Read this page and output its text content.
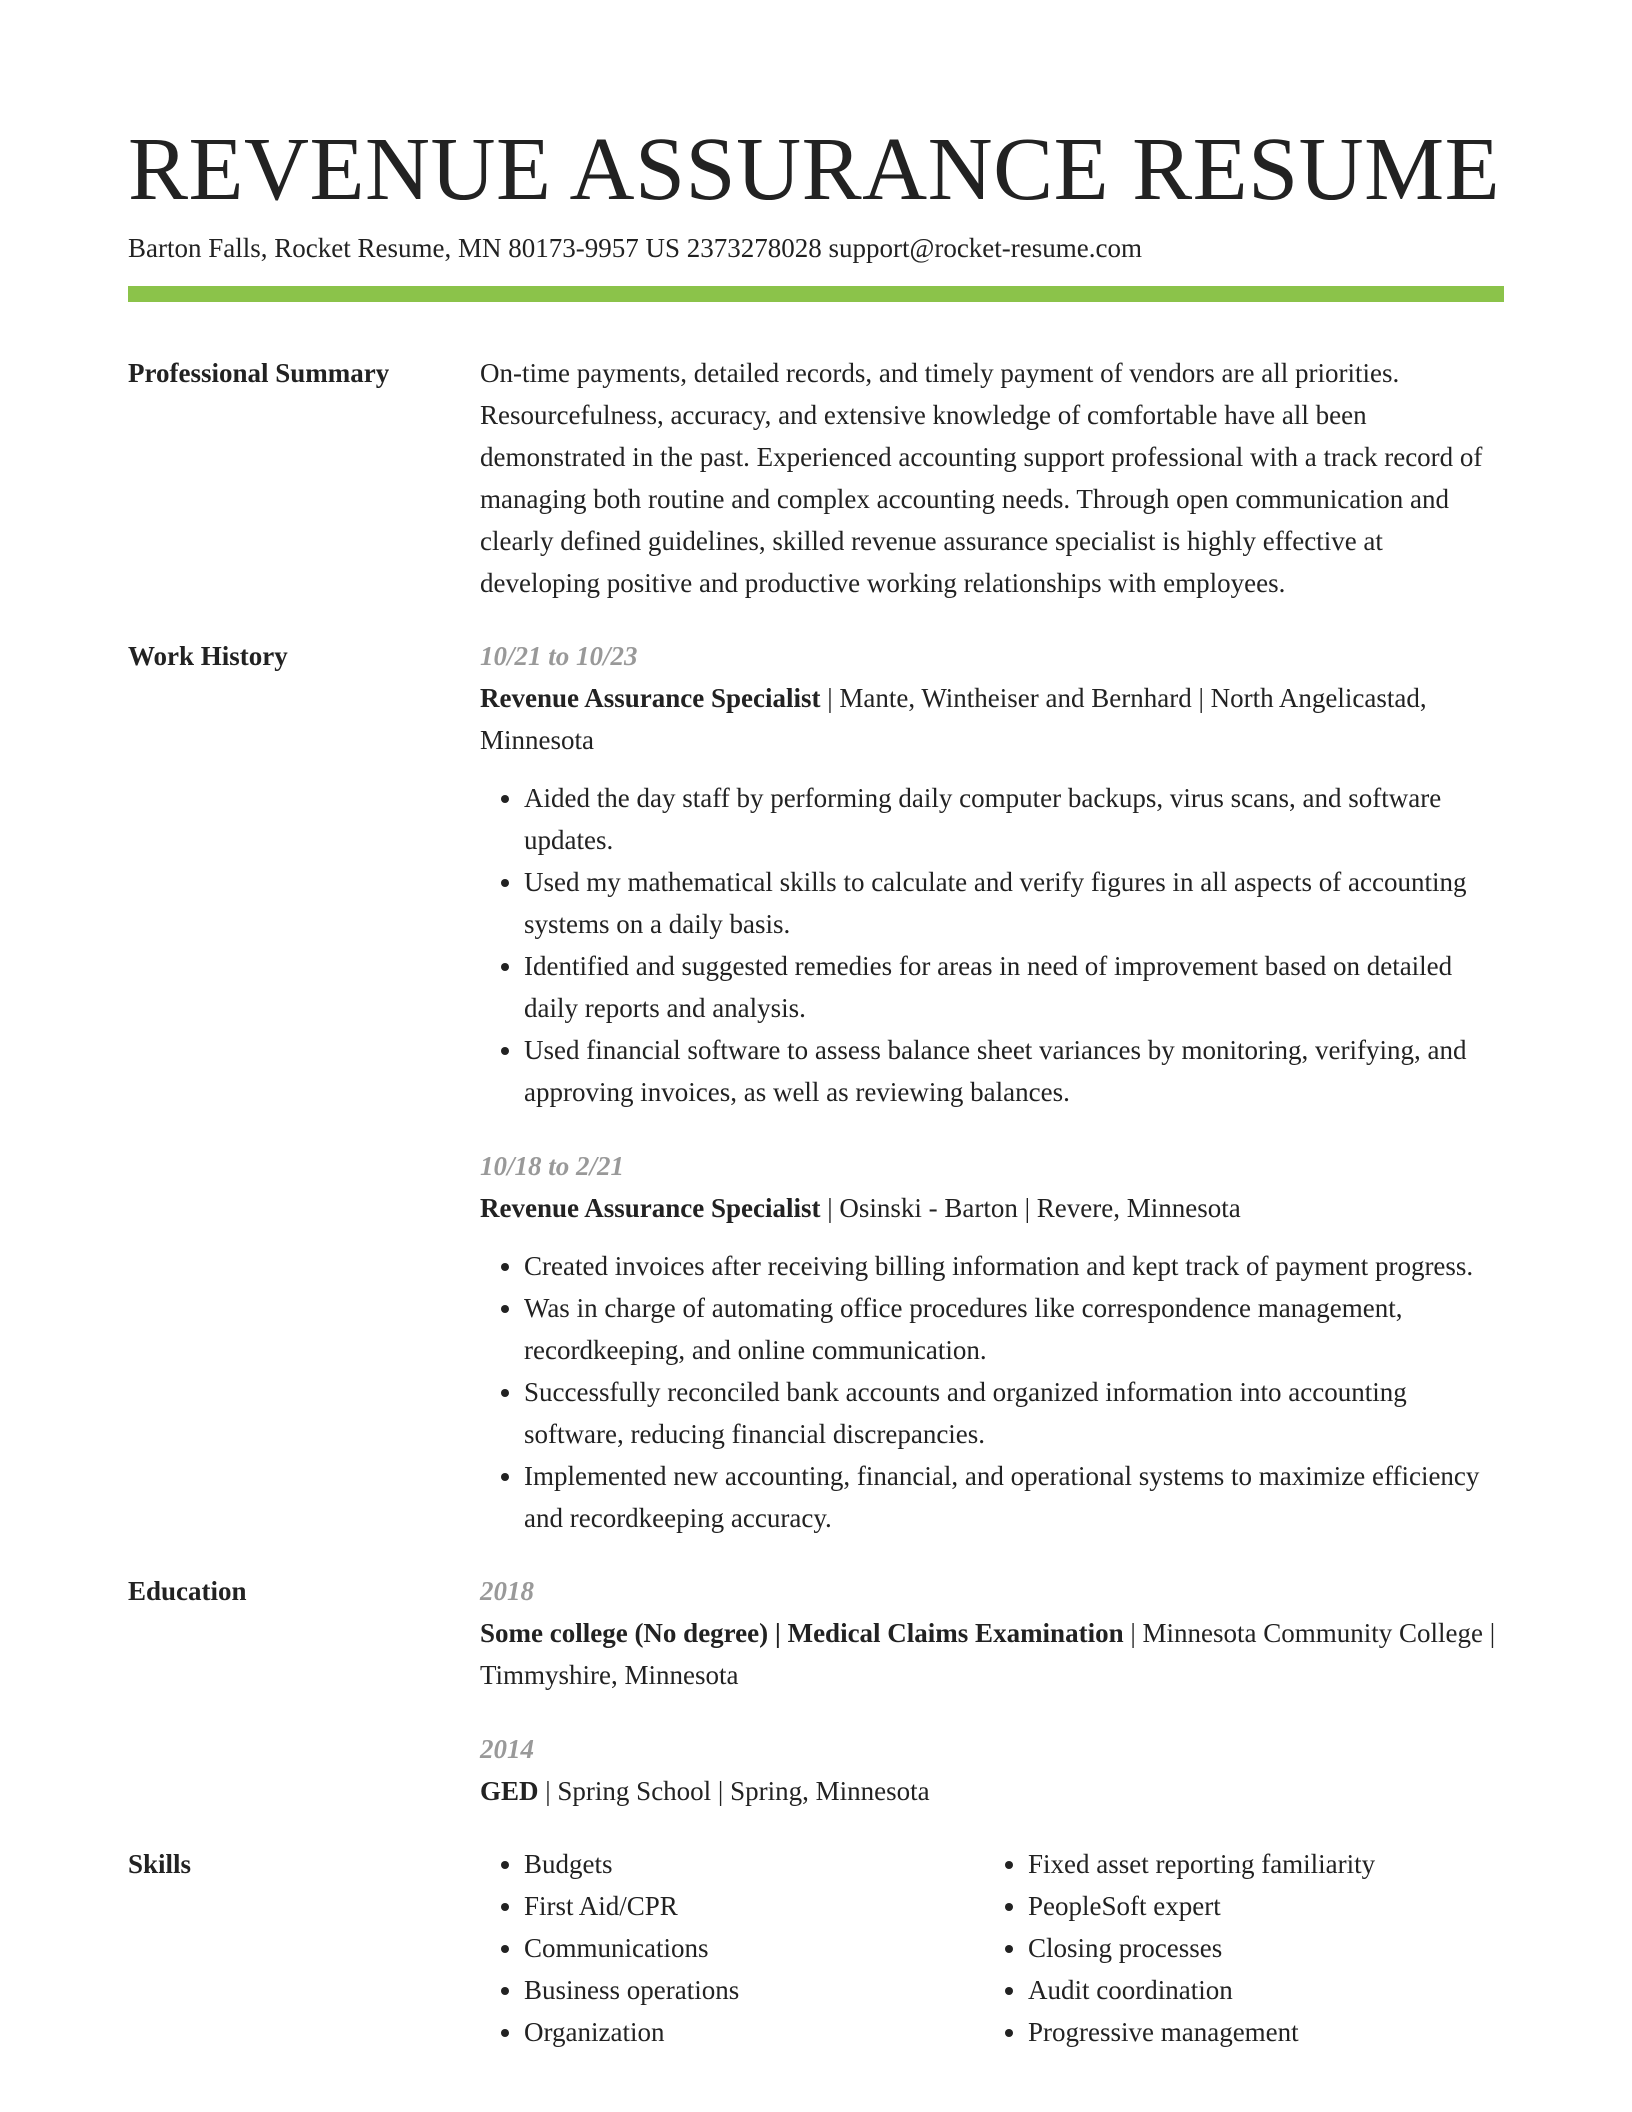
REVENUE ASSURANCE RESUME
Barton Falls, Rocket Resume, MN 80173-9957 US 2373278028 support@rocket-resume.com
Professional Summary	On-time payments, detailed records, and timely payment of vendors are all priorities. Resourcefulness, accuracy, and extensive knowledge of comfortable have all been demonstrated in the past. Experienced accounting support professional with a track record of managing both routine and complex accounting needs. Through open communication and clearly defined guidelines, skilled revenue assurance specialist is highly effective at developing positive and productive working relationships with employees.
Work History	10/21 to 10/23
Revenue Assurance Specialist | Mante, Wintheiser and Bernhard | North Angelicastad, Minnesota
• Aided the day staff by performing daily computer backups, virus scans, and software updates.
• Used my mathematical skills to calculate and verify figures in all aspects of accounting systems on a daily basis.
• Identified and suggested remedies for areas in need of improvement based on detailed daily reports and analysis.
• Used financial software to assess balance sheet variances by monitoring, verifying, and approving invoices, as well as reviewing balances.
10/18 to 2/21
Revenue Assurance Specialist | Osinski - Barton | Revere, Minnesota
• Created invoices after receiving billing information and kept track of payment progress.
• Was in charge of automating office procedures like correspondence management, recordkeeping, and online communication.
• Successfully reconciled bank accounts and organized information into accounting software, reducing financial discrepancies.
• Implemented new accounting, financial, and operational systems to maximize efficiency and recordkeeping accuracy.
Education	2018
Some college (No degree) | Medical Claims Examination | Minnesota Community College | Timmyshire, Minnesota
2014
GED | Spring School | Spring, Minnesota
Skills
•	Budgets
• First Aid/CPR
• Communications
• Business operations
• Organization
• Fixed asset reporting familiarity
• PeopleSoft expert
• Closing processes
• Audit coordination
• Progressive management
